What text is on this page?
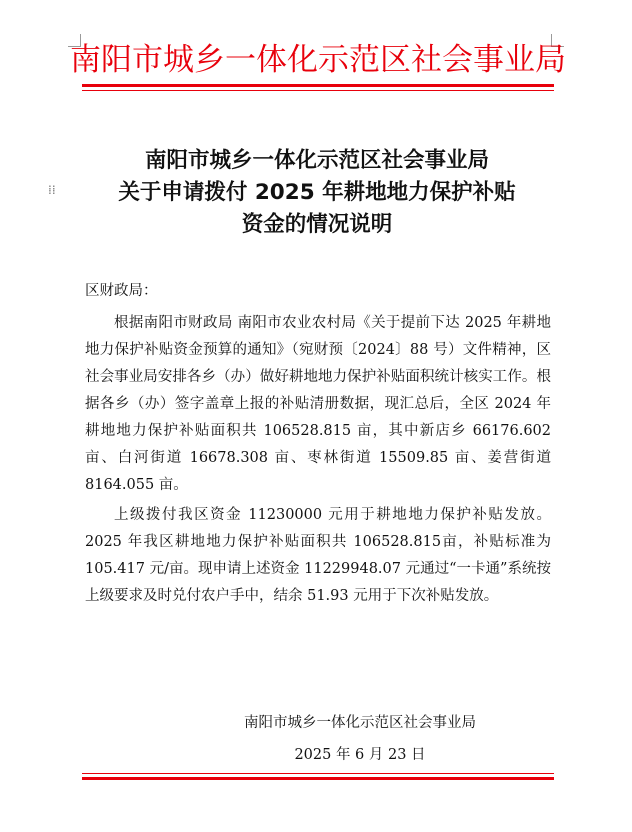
南阳市城乡一体化示范区社会事业局
⁞⁞
南阳市城乡一体化示范区社会事业局
关于申请拨付 2025 年耕地地力保护补贴
资金的情况说明
区财政局：
根据南阳市财政局 南阳市农业农村局《关于提前下达 2025 年耕地地力保护补贴资金预算的通知》（宛财预〔2024〕88 号）文件精神，区社会事业局安排各乡（办）做好耕地地力保护补贴面积统计核实工作。根据各乡（办）签字盖章上报的补贴清册数据，现汇总后，全区 2024 年耕地地力保护补贴面积共 106528.815 亩，其中新店乡 66176.602 亩、白河街道 16678.308 亩、枣林街道 15509.85 亩、姜营街道 8164.055 亩。
上级拨付我区资金 11230000 元用于耕地地力保护补贴发放。2025 年我区耕地地力保护补贴面积共 106528.815亩，补贴标准为 105.417 元/亩。现申请上述资金 11229948.07 元通过“一卡通”系统按上级要求及时兑付农户手中，结余 51.93 元用于下次补贴发放。
南阳市城乡一体化示范区社会事业局
2025 年 6 月 23 日
